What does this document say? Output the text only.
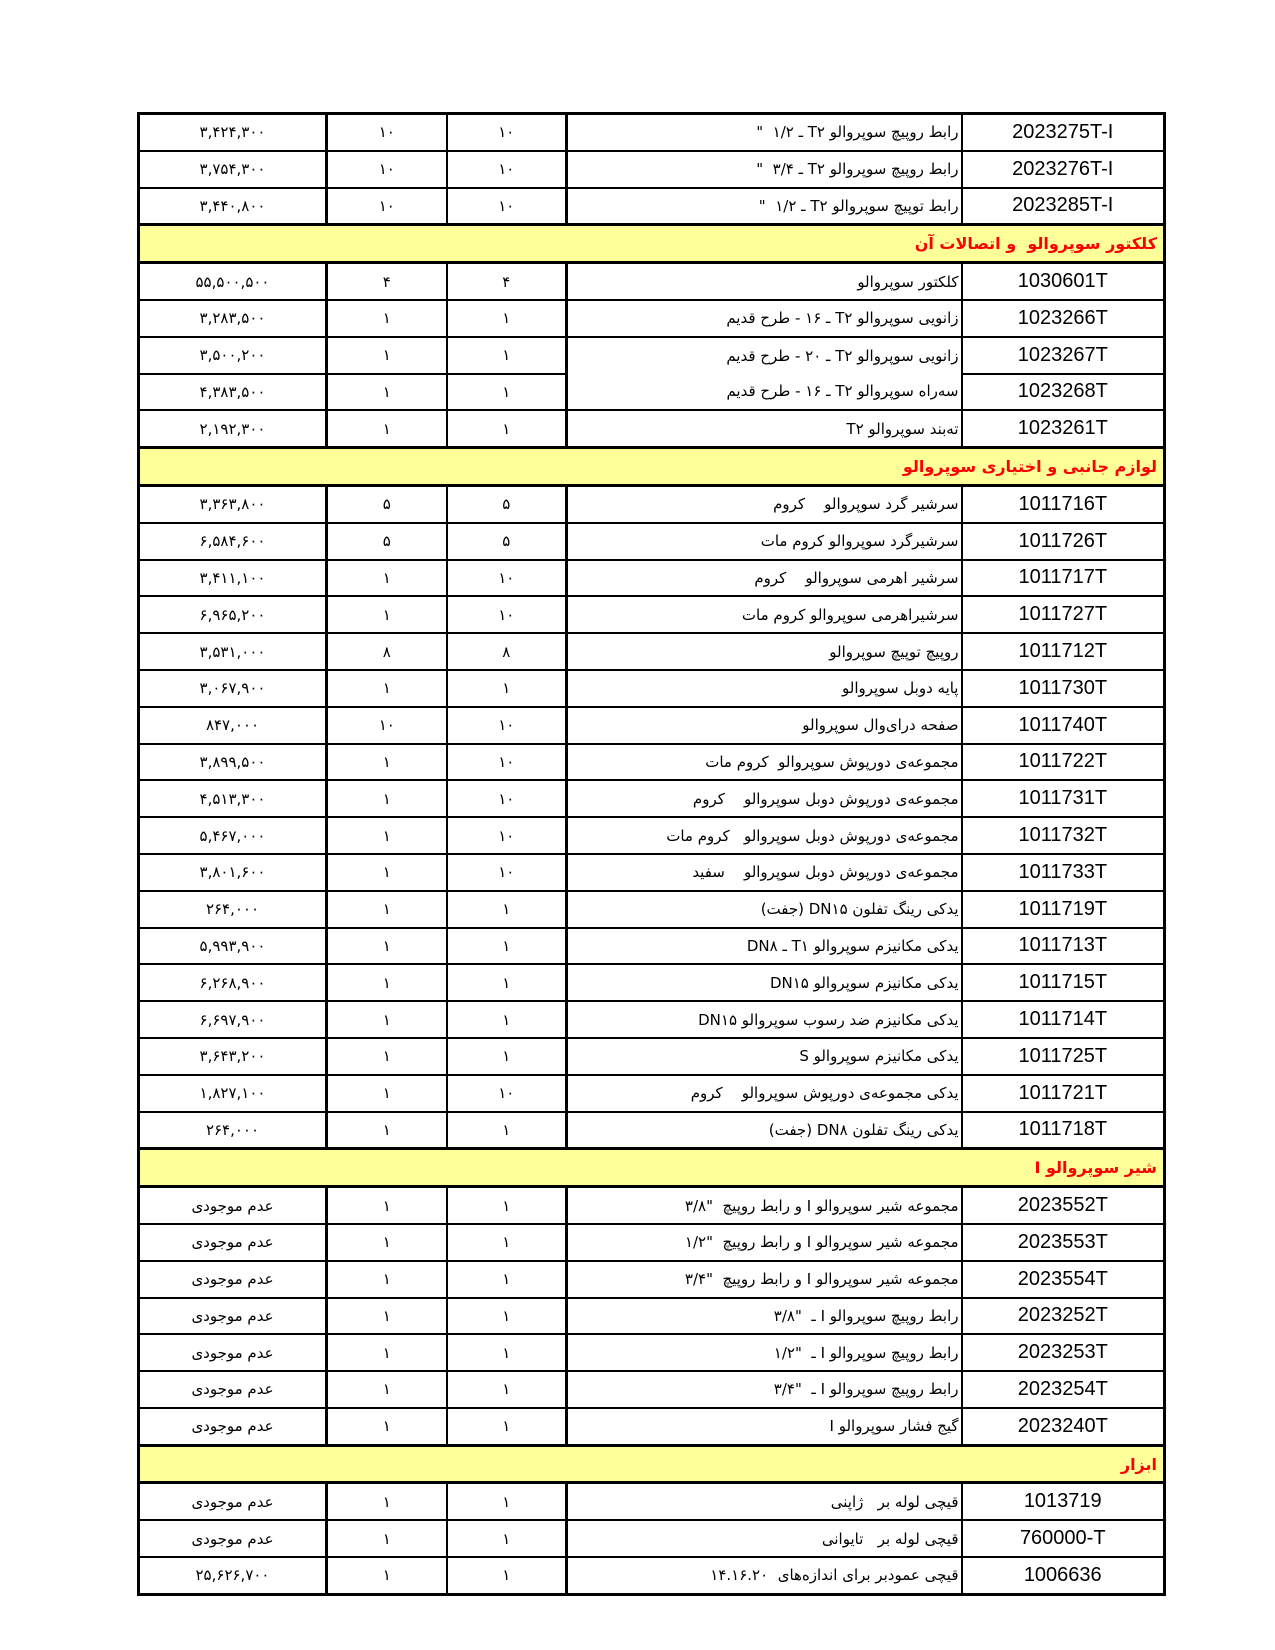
۳,۴۲۴,۳۰۰	۱۰	۱۰	رابط روپیچ سوپروالو T۲ ـ ۱/۲  "	2023275T-I
۳,۷۵۴,۳۰۰	۱۰	۱۰	رابط روپیچ سوپروالو T۲ ـ ۳/۴  "	2023276T-I
۳,۴۴۰,۸۰۰	۱۰	۱۰	رابط توپیچ سوپروالو T۲ ـ ۱/۲  "	2023285T-I
کلکتور سوپروالو  و اتصالات آن				
۵۵,۵۰۰,۵۰۰	۴	۴	کلکتور سوپروالو	1030601T
۳,۲۸۳,۵۰۰	۱	۱	زانویی سوپروالو T۲ ـ ۱۶ - طرح قدیم	1023266T
۳,۵۰۰,۲۰۰	۱	۱	زانویی سوپروالو T۲ ـ ۲۰ - طرح قدیم	1023267T
۴,۳۸۳,۵۰۰	۱	۱	سه‌راه سوپروالو T۲ ـ ۱۶ - طرح قدیم	1023268T
۲,۱۹۲,۳۰۰	۱	۱	ته‌بند سوپروالو T۲	1023261T
لوازم جانبی و اختیاری سوپروالو				
۳,۳۶۳,۸۰۰	۵	۵	سرشیر گرد سوپروالو    کروم	1011716T
۶,۵۸۴,۶۰۰	۵	۵	سرشیرگرد سوپروالو کروم مات	1011726T
۳,۴۱۱,۱۰۰	۱	۱۰	سرشیر اهرمی سوپروالو    کروم	1011717T
۶,۹۶۵,۲۰۰	۱	۱۰	سرشیراهرمی سوپروالو کروم مات	1011727T
۳,۵۳۱,۰۰۰	۸	۸	روپیچ توپیچ سوپروالو	1011712T
۳,۰۶۷,۹۰۰	۱	۱	پایه دوبل سوپروالو	1011730T
۸۴۷,۰۰۰	۱۰	۱۰	صفحه درای‌وال سوپروالو	1011740T
۳,۸۹۹,۵۰۰	۱	۱۰	مجموعه‌ی دورپوش سوپروالو  کروم مات	1011722T
۴,۵۱۳,۳۰۰	۱	۱۰	مجموعه‌ی دورپوش دوبل سوپروالو    کروم	1011731T
۵,۴۶۷,۰۰۰	۱	۱۰	مجموعه‌ی دورپوش دوبل سوپروالو   کروم مات	1011732T
۳,۸۰۱,۶۰۰	۱	۱۰	مجموعه‌ی دورپوش دوبل سوپروالو    سفید	1011733T
۲۶۴,۰۰۰	۱	۱	یدکی رینگ تفلون DN۱۵ (جفت)	1011719T
۵,۹۹۳,۹۰۰	۱	۱	یدکی مکانیزم سوپروالو T۱ ـ DN۸	1011713T
۶,۲۶۸,۹۰۰	۱	۱	یدکی مکانیزم سوپروالو DN۱۵	1011715T
۶,۶۹۷,۹۰۰	۱	۱	یدکی مکانیزم ضد رسوب سوپروالو DN۱۵	1011714T
۳,۶۴۳,۲۰۰	۱	۱	یدکی مکانیزم سوپروالو S	1011725T
۱,۸۲۷,۱۰۰	۱	۱۰	یدکی مجموعه‌ی دورپوش سوپروالو    کروم	1011721T
۲۶۴,۰۰۰	۱	۱	یدکی رینگ تفلون DN۸ (جفت)	1011718T
شیر سوپروالو I				
عدم موجودی	۱	۱	مجموعه شیر سوپروالو I و رابط روپیچ  "۳/۸	2023552T
عدم موجودی	۱	۱	مجموعه شیر سوپروالو I و رابط روپیچ  "۱/۲	2023553T
عدم موجودی	۱	۱	مجموعه شیر سوپروالو I و رابط روپیچ  "۳/۴	2023554T
عدم موجودی	۱	۱	رابط روپیچ سوپروالو I ـ  "۳/۸	2023252T
عدم موجودی	۱	۱	رابط روپیچ سوپروالو I ـ  "۱/۲	2023253T
عدم موجودی	۱	۱	رابط روپیچ سوپروالو I ـ  "۳/۴	2023254T
عدم موجودی	۱	۱	گیج فشار سوپروالو I	2023240T
ابزار				
عدم موجودی	۱	۱	قیچی لوله بر   ژاپنی	1013719
عدم موجودی	۱	۱	قیچی لوله بر   تایوانی	760000-T
۲۵,۶۲۶,۷۰۰	۱	۱	قیچی عمودبر برای اندازه‌های  ۱۴.۱۶.۲۰	1006636
